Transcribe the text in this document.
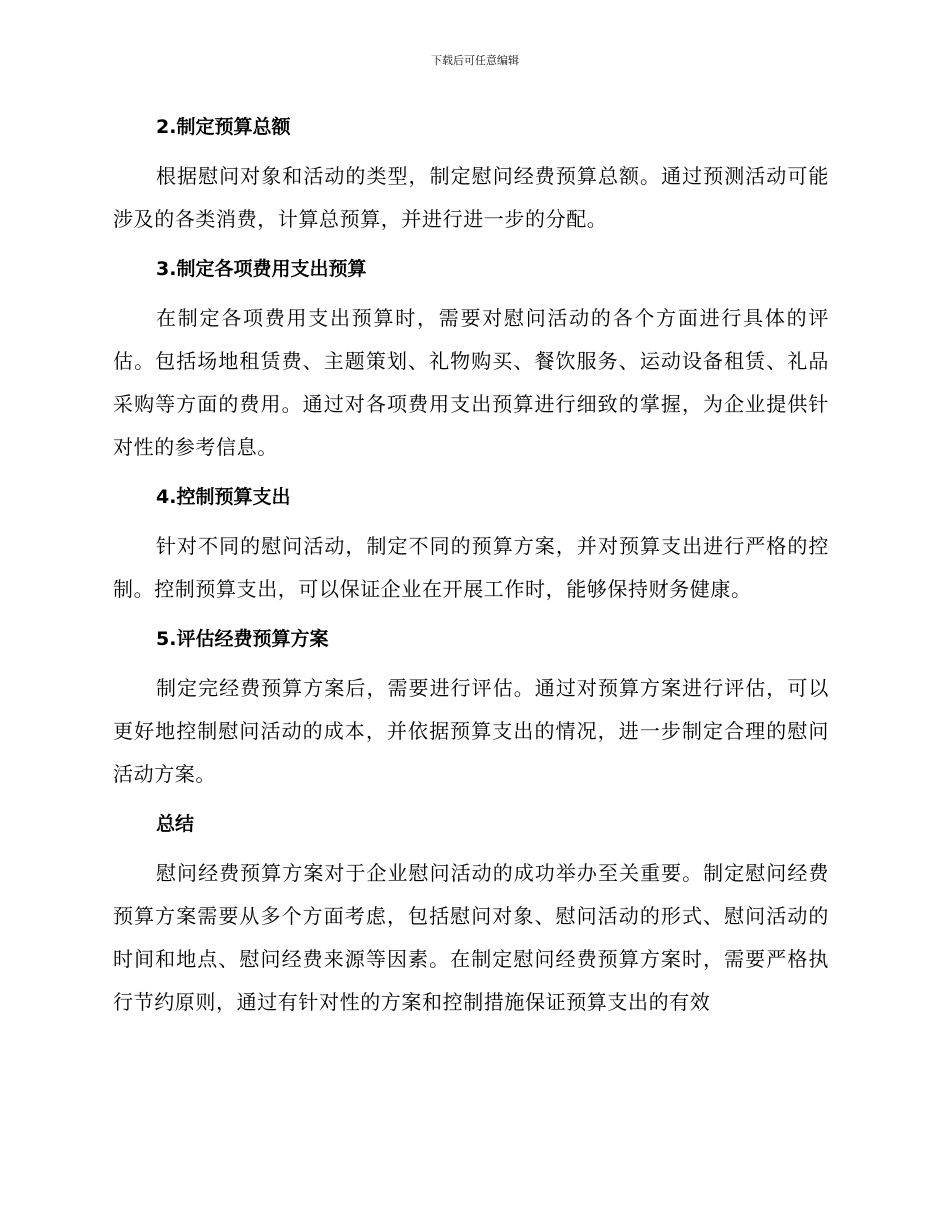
下载后可任意编辑
2.制定预算总额

根据慰问对象和活动的类型，制定慰问经费预算总额。通过预测活动可能涉及的各类消费，计算总预算，并进行进一步的分配。

3.制定各项费用支出预算

在制定各项费用支出预算时，需要对慰问活动的各个方面进行具体的评估。包括场地租赁费、主题策划、礼物购买、餐饮服务、运动设备租赁、礼品采购等方面的费用。通过对各项费用支出预算进行细致的掌握，为企业提供针对性的参考信息。

4.控制预算支出

针对不同的慰问活动，制定不同的预算方案，并对预算支出进行严格的控制。控制预算支出，可以保证企业在开展工作时，能够保持财务健康。

5.评估经费预算方案

制定完经费预算方案后，需要进行评估。通过对预算方案进行评估，可以更好地控制慰问活动的成本，并依据预算支出的情况，进一步制定合理的慰问活动方案。

总结

慰问经费预算方案对于企业慰问活动的成功举办至关重要。制定慰问经费预算方案需要从多个方面考虑，包括慰问对象、慰问活动的形式、慰问活动的时间和地点、慰问经费来源等因素。在制定慰问经费预算方案时，需要严格执行节约原则，通过有针对性的方案和控制措施保证预算支出的有效
